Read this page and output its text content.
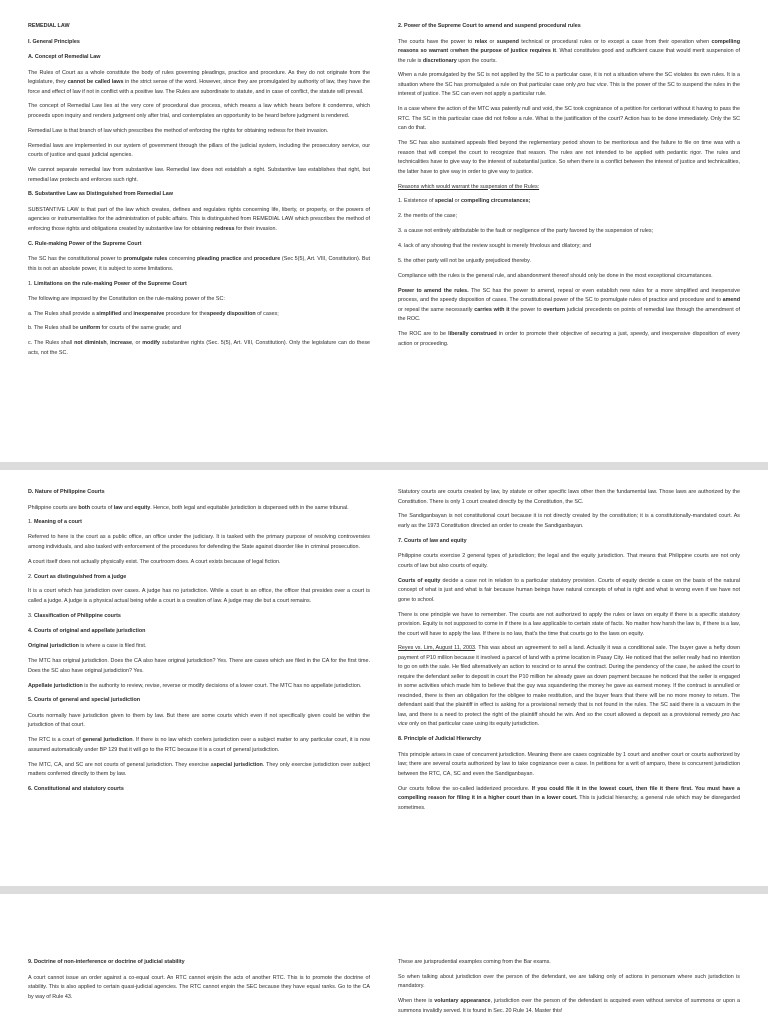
REMEDIAL LAW

I. General Principles

A. Concept of Remedial Law

The Rules of Court as a whole constitute the body of rules governing pleadings, practice and procedure. As they do not originate from the legislature, they cannot be called laws in the strict sense of the word. However, since they are promulgated by authority of law, they have the force and effect of law if not in conflict with a positive law. The Rules are subordinate to statute, and in case of conflict, the statute will prevail.

The concept of Remedial Law lies at the very core of procedural due process, which means a law which hears before it condemns, which proceeds upon inquiry and renders judgment only after trial, and contemplates an opportunity to be heard before judgment is rendered.

Remedial Law is that branch of law which prescribes the method of enforcing the rights for obtaining redress for their invasion.

Remedial laws are implemented in our system of government through the pillars of the judicial system, including the prosecutory service, our courts of justice and quasi judicial agencies.

We cannot separate remedial law from substantive law. Remedial law does not establish a right. Substantive law establishes that right, but remedial law protects and enforces such right.

B. Substantive Law as Distinguished from Remedial Law

SUBSTANTIVE LAW is that part of the law which creates, defines and regulates rights concerning life, liberty, or property, or the powers of agencies or instrumentalities for the administration of public affairs. This is distinguished from REMEDIAL LAW which prescribes the method of enforcing those rights and obligations created by substantive law for obtaining redress for their invasion.

C. Rule-making Power of the Supreme Court

The SC has the constitutional power to promulgate rules concerning pleading practice and procedure (Sec 5(5), Art. VIII, Constitution). But this is not an absolute power, it is subject to some limitations.

1. Limitations on the rule-making Power of the Supreme Court

The following are imposed by the Constitution on the rule-making power of the SC:

a. The Rules shall provide a simplified and inexpensive procedure for thespeedy disposition of cases;

b. The Rules shall be uniform for courts of the same grade; and

c. The Rules shall not diminish, increase, or modify substantive rights (Sec. 5(5), Art. VIII, Constitution). Only the legislature can do these acts, not the SC.

2. Power of the Supreme Court to amend and suspend procedural rules

The courts have the power to relax or suspend technical or procedural rules or to except a case from their operation when compelling reasons so warrant orwhen the purpose of justice requires it. What constitutes good and sufficient cause that would merit suspension of the rule is discretionary upon the courts.

When a rule promulgated by the SC is not applied by the SC to a particular case, it is not a situation where the SC violates its own rules. It is a situation where the SC has promulgated a rule on that particular case only pro hac vice. This is the power of the SC to suspend the rules in the interest of justice. The SC can even not apply a particular rule.

In a case where the action of the MTC was patently null and void, the SC took cognizance of a petition for certiorari without it having to pass the RTC. The SC in this particular case did not follow a rule. What is the justification of the court? Action has to be done immediately. Only the SC can do that.

The SC has also sustained appeals filed beyond the reglementary period shown to be meritorious and the failure to file on time was with a reason that will compel the court to recognize that reason. The rules are not intended to be applied with pedantic rigor. The rules and technicalities have to give way to the interest of substantial justice. So when there is a conflict between the interest of justice and technicalities, the latter have to give way in order to give way to justice.

Reasons which would warrant the suspension of the Rules:

1. Existence of special or compelling circumstances;

2. the merits of the case;

3. a cause not entirely attributable to the fault or negligence of the party favored by the suspension of rules;

4. lack of any showing that the review sought is merely frivolous and dilatory; and

5. the other party will not be unjustly prejudiced thereby.

Compliance with the rules is the general rule, and abandonment thereof should only be done in the most exceptional circumstances.

Power to amend the rules. The SC has the power to amend, repeal or even establish new rules for a more simplified and inexpensive process, and the speedy disposition of cases. The constitutional power of the SC to promulgate rules of practice and procedure and to amend or repeal the same necessarily carries with it the power to overturn judicial precedents on points of remedial law through the amendment of the ROC.

The ROC are to be liberally construed in order to promote their objective of securing a just, speedy, and inexpensive disposition of every action or proceeding.

D. Nature of Philippine Courts

Philippine courts are both courts of law and equity. Hence, both legal and equitable jurisdiction is dispensed with in the same tribunal.

1. Meaning of a court

Referred to here is the court as a public office, an office under the judiciary. It is tasked with the primary purpose of resolving controversies among individuals, and also tasked with enforcement of the procedures for defending the State against disorder like in criminal prosecution.

A court itself does not actually physically exist. The courtroom does. A court exists because of legal fiction.

2. Court as distinguished from a judge

It is a court which has jurisdiction over cases. A judge has no jurisdiction. While a court is an office, the officer that presides over a court is called a judge. A judge is a physical actual being while a court is a creation of law. A judge may die but a court remains.

3. Classification of Philippine courts

4. Courts of original and appellate jurisdiction

Original jurisdiction is where a case is filed first.

The MTC has original jurisdiction. Does the CA also have original jurisdiction? Yes. There are cases which are filed in the CA for the first time. Does the SC also have original jurisdiction? Yes.

Appellate jurisdiction is the authority to review, revise, reverse or modify decisions of a lower court. The MTC has no appellate jurisdiction.

5. Courts of general and special jurisdiction

Courts normally have jurisdiction given to them by law. But there are some courts which even if not specifically given could be within the jurisdiction of that court.

The RTC is a court of general jurisdiction. If there is no law which confers jurisdiction over a subject matter to any particular court, it is now assumed automatically under BP 129 that it will go to the RTC because it is a court of general jurisdiction.

The MTC, CA, and SC are not courts of general jurisdiction. They exercise aspecial jurisdiction. They only exercise jurisdiction over subject matters conferred directly to them by law.

6. Constitutional and statutory courts

Statutory courts are courts created by law, by statute or other specific laws other then the fundamental law. Those laws are authorized by the Constitution. There is only 1 court created directly by the Constitution, the SC.

The Sandiganbayan is not constitutional court because it is not directly created by the constitution; it is a constitutionally-mandated court. As early as the 1973 Constitution directed an order to create the Sandiganbayan.

7. Courts of law and equity

Philippine courts exercise 2 general types of jurisdiction; the legal and the equity jurisdiction. That means that Philippine courts are not only courts of law but also courts of equity.

Courts of equity decide a case not in relation to a particular statutory provision. Courts of equity decide a case on the basis of the natural concept of what is just and what is fair because human beings have natural concepts of what is right and what is wrong even if we have not gone to school.

There is one principle we have to remember. The courts are not authorized to apply the rules or laws on equity if there is a specific statutory provision. Equity is not supposed to come in if there is a law applicable to certain state of facts. No matter how harsh the law is, if there is a law, the court will have to apply the law. If there is no law, that's the time that courts go to the laws on equity.

Reyes vs. Lim, August 11, 2003. This was about an agreement to sell a land. Actually it was a conditional sale. The buyer gave a hefty down payment of P10 million because it involved a parcel of land with a prime location in Pasay City. He noticed that the seller really had no intention to go on with the sale. He filed alternatively an action to rescind or to annul the contract. During the pendency of the case, he asked the court to require the defendant seller to deposit in court the P10 million he already gave as down payment because he noticed that the seller is engaged in some activities which made him to believe that the guy was squandering the money he gave as earnest money. If the contract is annulled or rescinded, there is then an obligation for the obligee to make restitution, and the buyer fears that there will be no more money to return. The defendant said that the plaintiff in effect is asking for a provisional remedy that is not found in the rules. The SC said there is a vacuum in the law, and there is a need to protect the right of the plaintiff should he win. And so the court allowed a deposit as a provisional remedy pro hac vice only on that particular case using its equity jurisdiction.

8. Principle of Judicial Hierarchy

This principle arises in case of concurrent jurisdiction. Meaning there are cases cognizable by 1 court and another court or courts authorized by law; there are several courts authorized by law to take cognizance over a case. In petitions for a writ of amparo, there is concurrent jurisdiction between the RTC, CA, SC and even the Sandiganbayan.

Our courts follow the so-called ladderized procedure. If you could file it in the lowest court, then file it there first. You must have a compelling reason for filing it in a higher court than in a lower court. This is judicial hierarchy, a general rule which may be disregarded sometimes.

9. Doctrine of non-interference or doctrine of judicial stability

A court cannot issue an order against a co-equal court. An RTC cannot enjoin the acts of another RTC. This is to promote the doctrine of stability. This is also applied to certain quasi-judicial agencies. The RTC cannot enjoin the SEC because they have equal ranks. Go to the CA by way of Rule 43.

These are jurisprudential examples coming from the Bar exams.

So when talking about jurisdiction over the person of the defendant, we are talking only of actions in personam where such jurisdiction is mandatory.

When there is voluntary appearance, jurisdiction over the person of the defendant is acquired even without service of summons or upon a summons invalidly served. It is found in Sec. 20 Rule 14. Master this!
